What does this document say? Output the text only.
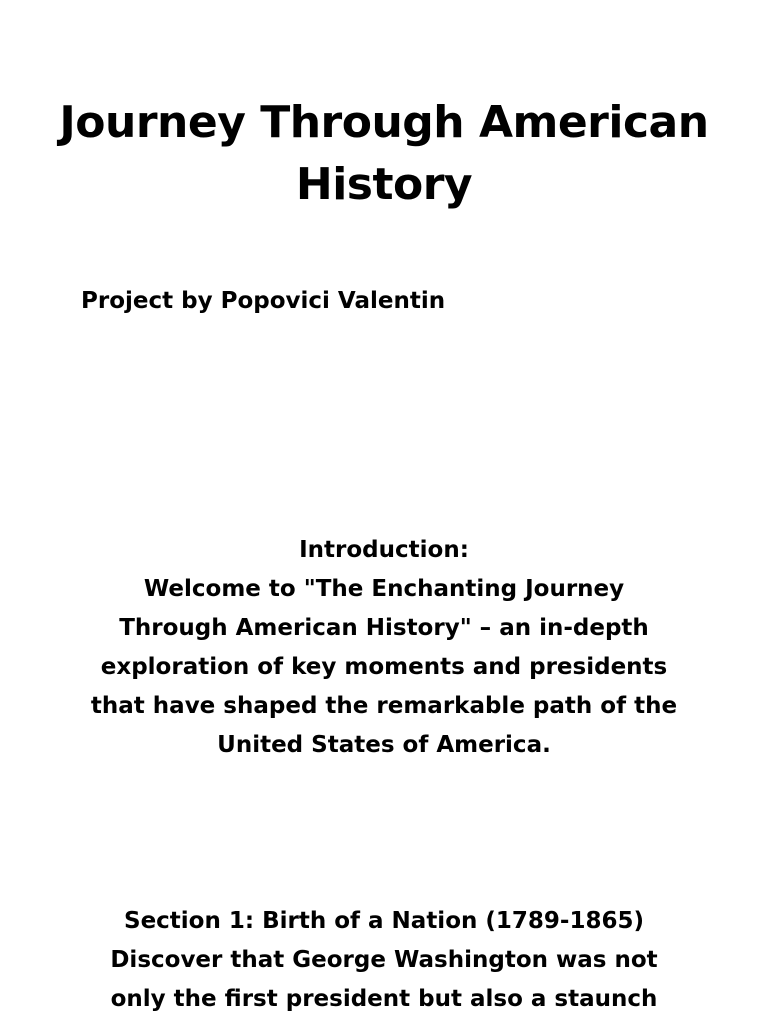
Journey Through American
History

Project by Popovici Valentin

Introduction:
Welcome to "The Enchanting Journey
Through American History" – an in-depth
exploration of key moments and presidents
that have shaped the remarkable path of the
United States of America.
Section 1: Birth of a Nation (1789-1865)
Discover that George Washington was not
only the first president but also a staunch
